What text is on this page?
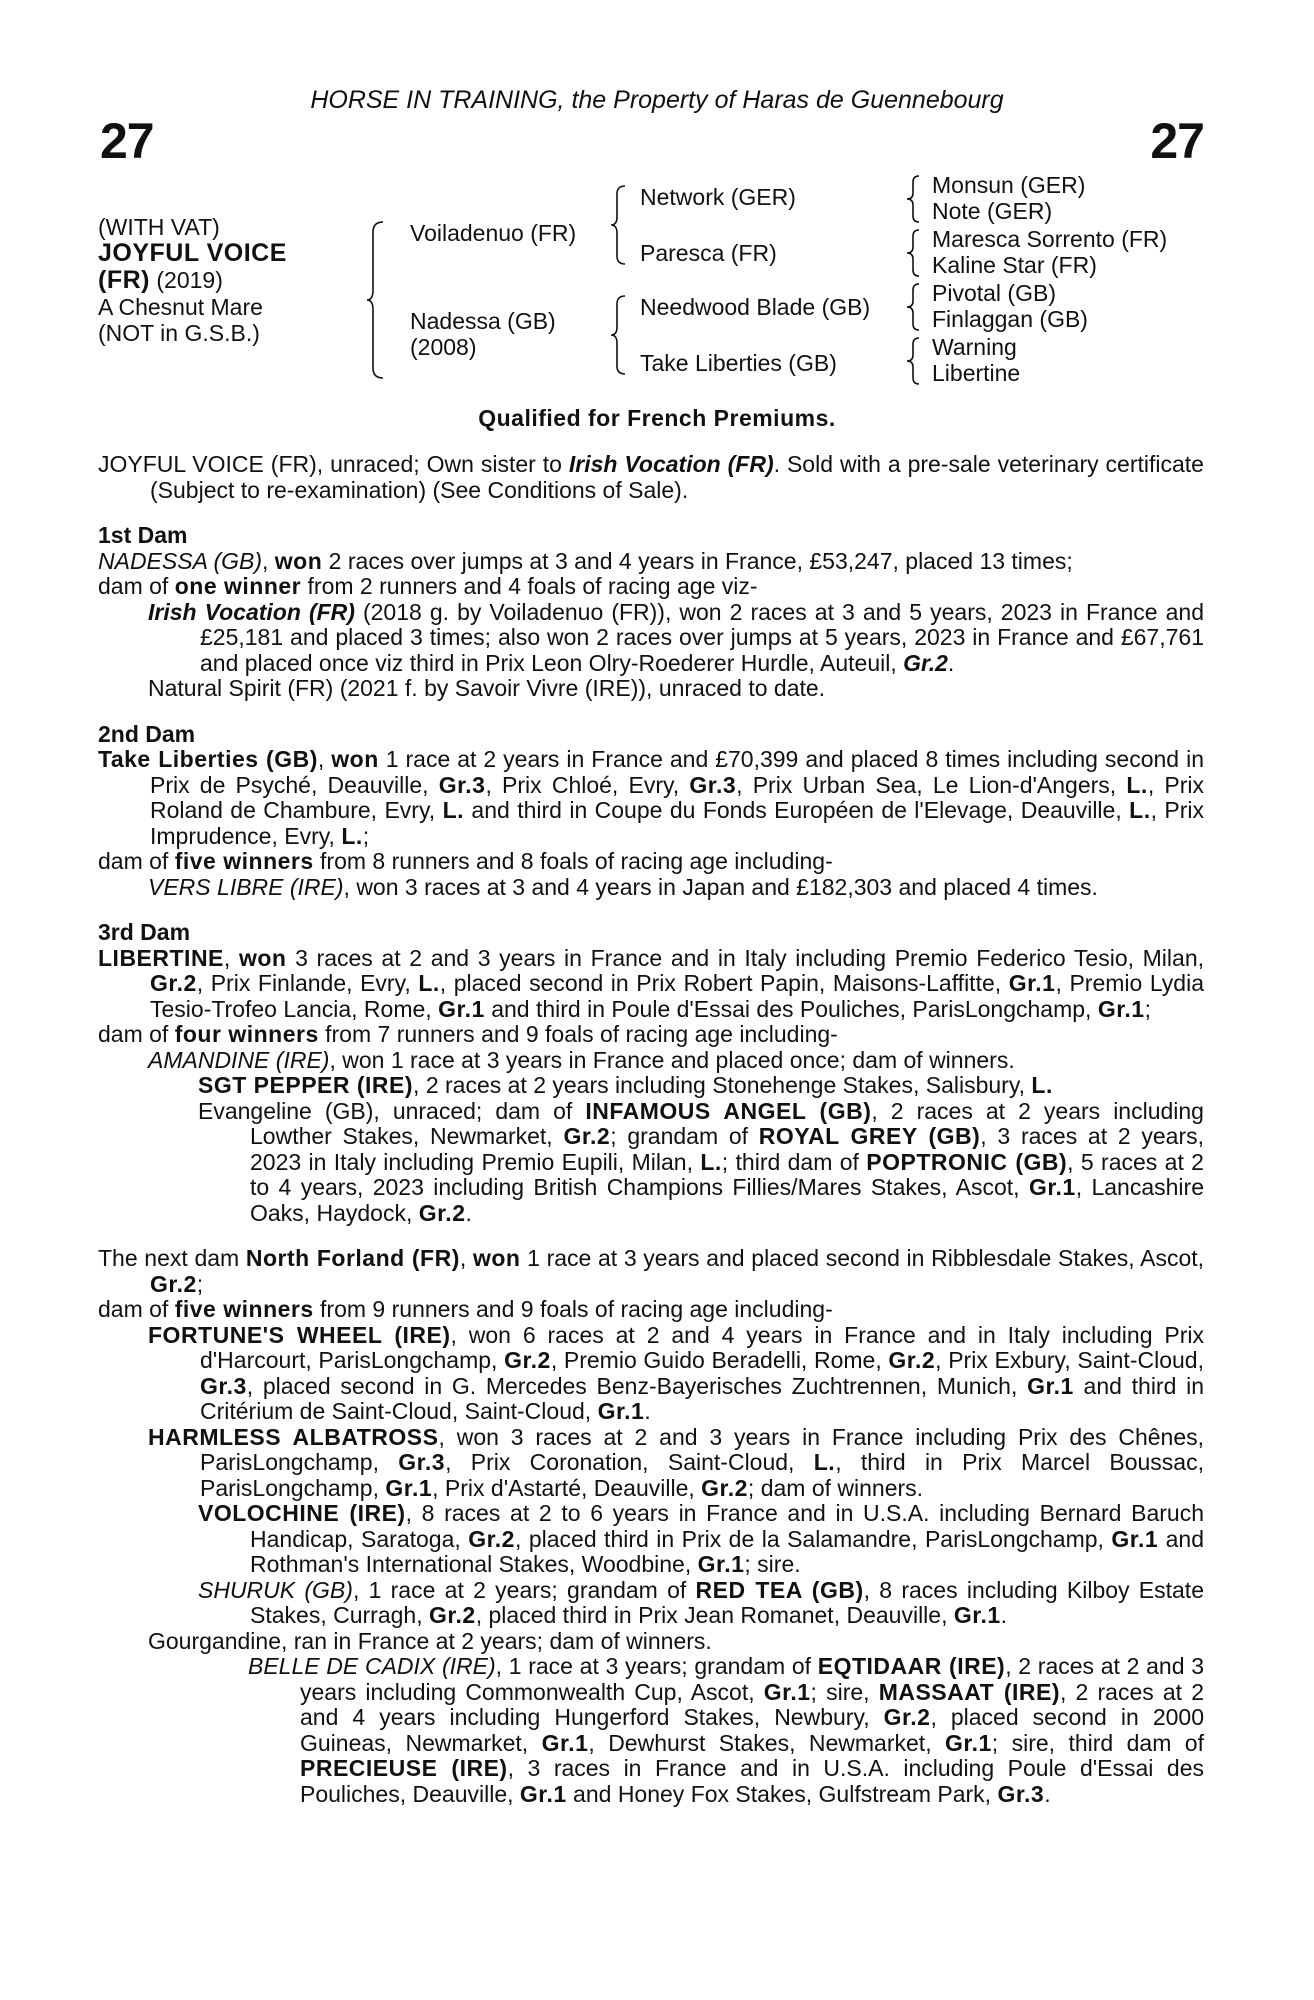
27
HORSE IN TRAINING, the Property of Haras de Guennebourg
27
(WITH VAT)
JOYFUL VOICE
(FR) (2019)
A Chesnut Mare
(NOT in G.S.B.)
Voiladenuo (FR)
Nadessa (GB)
(2008)
Network (GER)
Paresca (FR)
Needwood Blade (GB)
Take Liberties (GB)
Monsun (GER)
Note (GER)
Maresca Sorrento (FR)
Kaline Star (FR)
Pivotal (GB)
Finlaggan (GB)
Warning
Libertine
Qualified for French Premiums.

JOYFUL VOICE (FR), unraced; Own sister to Irish Vocation (FR). Sold with a pre-sale veterinary certificate (Subject to re-examination) (See Conditions of Sale).

1st Dam

NADESSA (GB), won 2 races over jumps at 3 and 4 years in France, £53,247, placed 13 times;

dam of one winner from 2 runners and 4 foals of racing age viz-

Irish Vocation (FR) (2018 g. by Voiladenuo (FR)), won 2 races at 3 and 5 years, 2023 in France and £25,181 and placed 3 times; also won 2 races over jumps at 5 years, 2023 in France and £67,761 and placed once viz third in Prix Leon Olry-Roederer Hurdle, Auteuil, Gr.2.

Natural Spirit (FR) (2021 f. by Savoir Vivre (IRE)), unraced to date.

2nd Dam

Take Liberties (GB), won 1 race at 2 years in France and £70,399 and placed 8 times including second in Prix de Psyché, Deauville, Gr.3, Prix Chloé, Evry, Gr.3, Prix Urban Sea, Le Lion-d'Angers, L., Prix Roland de Chambure, Evry, L. and third in Coupe du Fonds Européen de l'Elevage, Deauville, L., Prix Imprudence, Evry, L.;

dam of five winners from 8 runners and 8 foals of racing age including-

VERS LIBRE (IRE), won 3 races at 3 and 4 years in Japan and £182,303 and placed 4 times.

3rd Dam

LIBERTINE, won 3 races at 2 and 3 years in France and in Italy including Premio Federico Tesio, Milan, Gr.2, Prix Finlande, Evry, L., placed second in Prix Robert Papin, Maisons-Laffitte, Gr.1, Premio Lydia Tesio-Trofeo Lancia, Rome, Gr.1 and third in Poule d'Essai des Pouliches, ParisLongchamp, Gr.1;

dam of four winners from 7 runners and 9 foals of racing age including-

AMANDINE (IRE), won 1 race at 3 years in France and placed once; dam of winners.

SGT PEPPER (IRE), 2 races at 2 years including Stonehenge Stakes, Salisbury, L.

Evangeline (GB), unraced; dam of INFAMOUS ANGEL (GB), 2 races at 2 years including Lowther Stakes, Newmarket, Gr.2; grandam of ROYAL GREY (GB), 3 races at 2 years, 2023 in Italy including Premio Eupili, Milan, L.; third dam of POPTRONIC (GB), 5 races at 2 to 4 years, 2023 including British Champions Fillies/Mares Stakes, Ascot, Gr.1, Lancashire Oaks, Haydock, Gr.2.

The next dam North Forland (FR), won 1 race at 3 years and placed second in Ribblesdale Stakes, Ascot, Gr.2;

dam of five winners from 9 runners and 9 foals of racing age including-

FORTUNE'S WHEEL (IRE), won 6 races at 2 and 4 years in France and in Italy including Prix d'Harcourt, ParisLongchamp, Gr.2, Premio Guido Beradelli, Rome, Gr.2, Prix Exbury, Saint-Cloud, Gr.3, placed second in G. Mercedes Benz-Bayerisches Zuchtrennen, Munich, Gr.1 and third in Critérium de Saint-Cloud, Saint-Cloud, Gr.1.

HARMLESS ALBATROSS, won 3 races at 2 and 3 years in France including Prix des Chênes, ParisLongchamp, Gr.3, Prix Coronation, Saint-Cloud, L., third in Prix Marcel Boussac, ParisLongchamp, Gr.1, Prix d'Astarté, Deauville, Gr.2; dam of winners.

VOLOCHINE (IRE), 8 races at 2 to 6 years in France and in U.S.A. including Bernard Baruch Handicap, Saratoga, Gr.2, placed third in Prix de la Salamandre, ParisLongchamp, Gr.1 and Rothman's International Stakes, Woodbine, Gr.1; sire.

SHURUK (GB), 1 race at 2 years; grandam of RED TEA (GB), 8 races including Kilboy Estate Stakes, Curragh, Gr.2, placed third in Prix Jean Romanet, Deauville, Gr.1.

Gourgandine, ran in France at 2 years; dam of winners.

BELLE DE CADIX (IRE), 1 race at 3 years; grandam of EQTIDAAR (IRE), 2 races at 2 and 3 years including Commonwealth Cup, Ascot, Gr.1; sire, MASSAAT (IRE), 2 races at 2 and 4 years including Hungerford Stakes, Newbury, Gr.2, placed second in 2000 Guineas, Newmarket, Gr.1, Dewhurst Stakes, Newmarket, Gr.1; sire, third dam of PRECIEUSE (IRE), 3 races in France and in U.S.A. including Poule d'Essai des Pouliches, Deauville, Gr.1 and Honey Fox Stakes, Gulfstream Park, Gr.3.
